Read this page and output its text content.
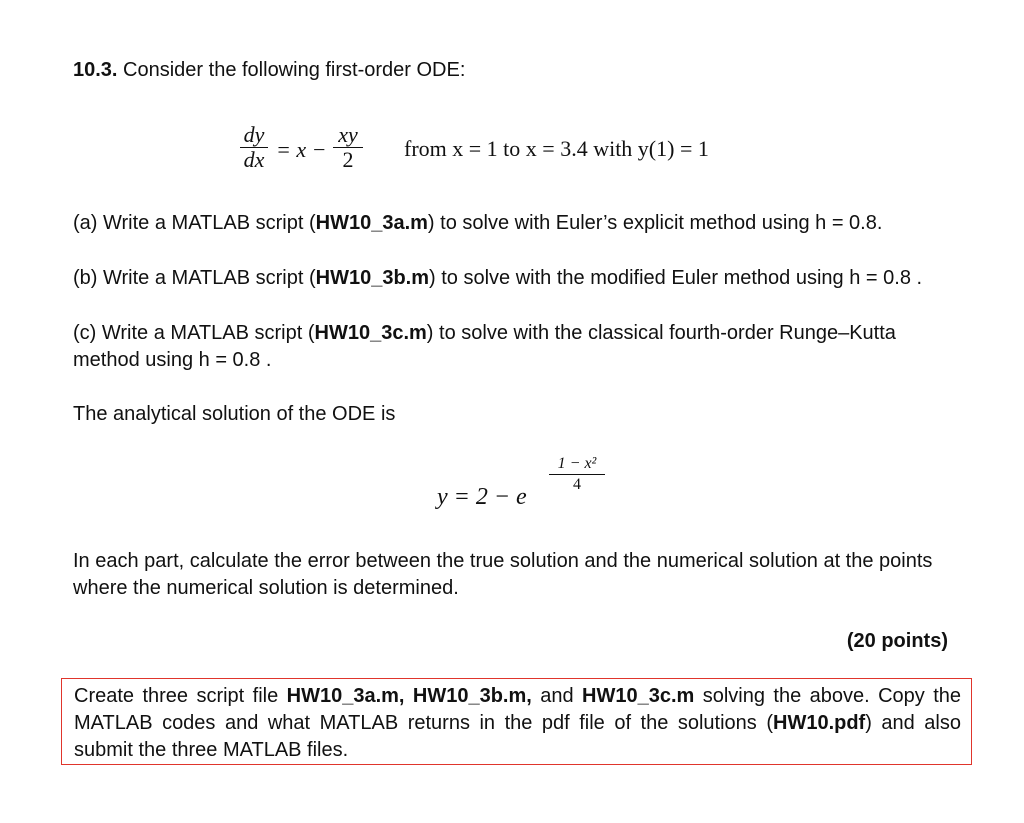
10.3. Consider the following first-order ODE:
dy
dx = x −
xy
2	from x = 1 to x = 3.4 with y(1) = 1
(a) Write a MATLAB script (HW10_3a.m) to solve with Euler’s explicit method using h = 0.8.
(b) Write a MATLAB script (HW10_3b.m) to solve with the modified Euler method using h = 0.8 .
(c) Write a MATLAB script (HW10_3c.m) to solve with the classical fourth-order Runge–Kutta method using h = 0.8 .
The analytical solution of the ODE is
y = 2 − e
1 − x²
4
In each part, calculate the error between the true solution and the numerical solution at the points where the numerical solution is determined.
(20 points)

Create three script file HW10_3a.m, HW10_3b.m, and HW10_3c.m solving the above. Copy the MATLAB codes and what MATLAB returns in the pdf file of the solutions (HW10.pdf) and also submit the three MATLAB files.
